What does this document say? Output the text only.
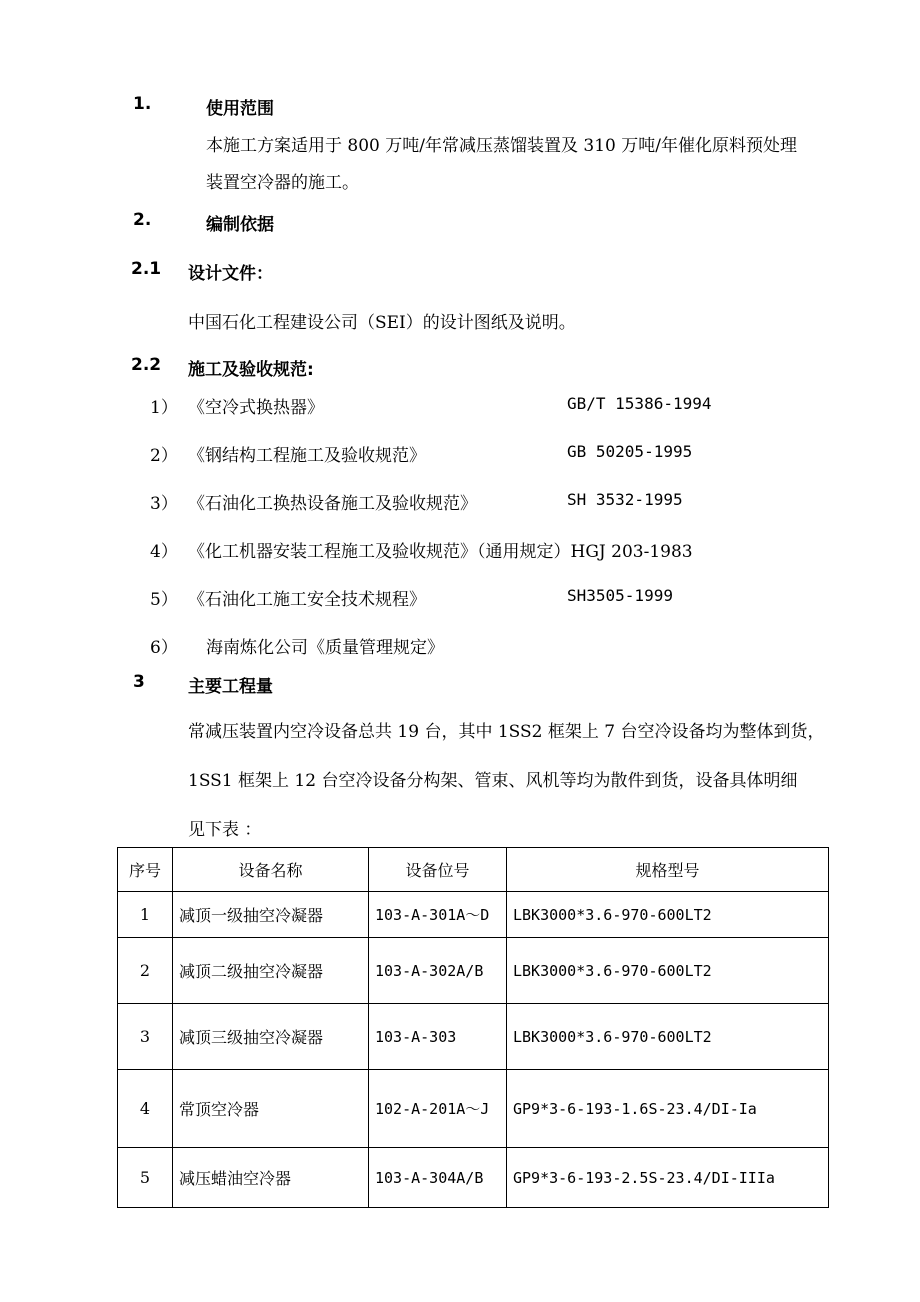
1.	使用范围
本施工方案适用于 800 万吨/年常减压蒸馏装置及 310 万吨/年催化原料预处理
装置空冷器的施工。
2.	编制依据
2.1 设计文件：
中国石化工程建设公司（SEI）的设计图纸及说明。
2.2 施工及验收规范:
1） 《空冷式换热器》	GB/T 15386-1994
2） 《钢结构工程施工及验收规范》	GB 50205-1995
3） 《石油化工换热设备施工及验收规范》	SH 3532-1995
4） 《化工机器安装工程施工及验收规范》（通用规定）HGJ 203-1983
5） 《石油化工施工安全技术规程》	SH3505-1999
6） 海南炼化公司《质量管理规定》
3	主要工程量
常减压装置内空冷设备总共 19 台，其中 1SS2 框架上 7 台空冷设备均为整体到货，
1SS1 框架上 12 台空冷设备分构架、管束、风机等均为散件到货，设备具体明细
见下表 ：
序号	设备名称	设备位号	规格型号
1	减顶一级抽空冷凝器	103-A-301A～D	LBK3000*3.6-970-600LT2
2	减顶二级抽空冷凝器	103-A-302A/B	LBK3000*3.6-970-600LT2
3	减顶三级抽空冷凝器	103-A-303	LBK3000*3.6-970-600LT2
4	常顶空冷器	102-A-201A～J	GP9*3-6-193-1.6S-23.4/DI-Ia
5	减压蜡油空冷器	103-A-304A/B	GP9*3-6-193-2.5S-23.4/DI-IIIa
